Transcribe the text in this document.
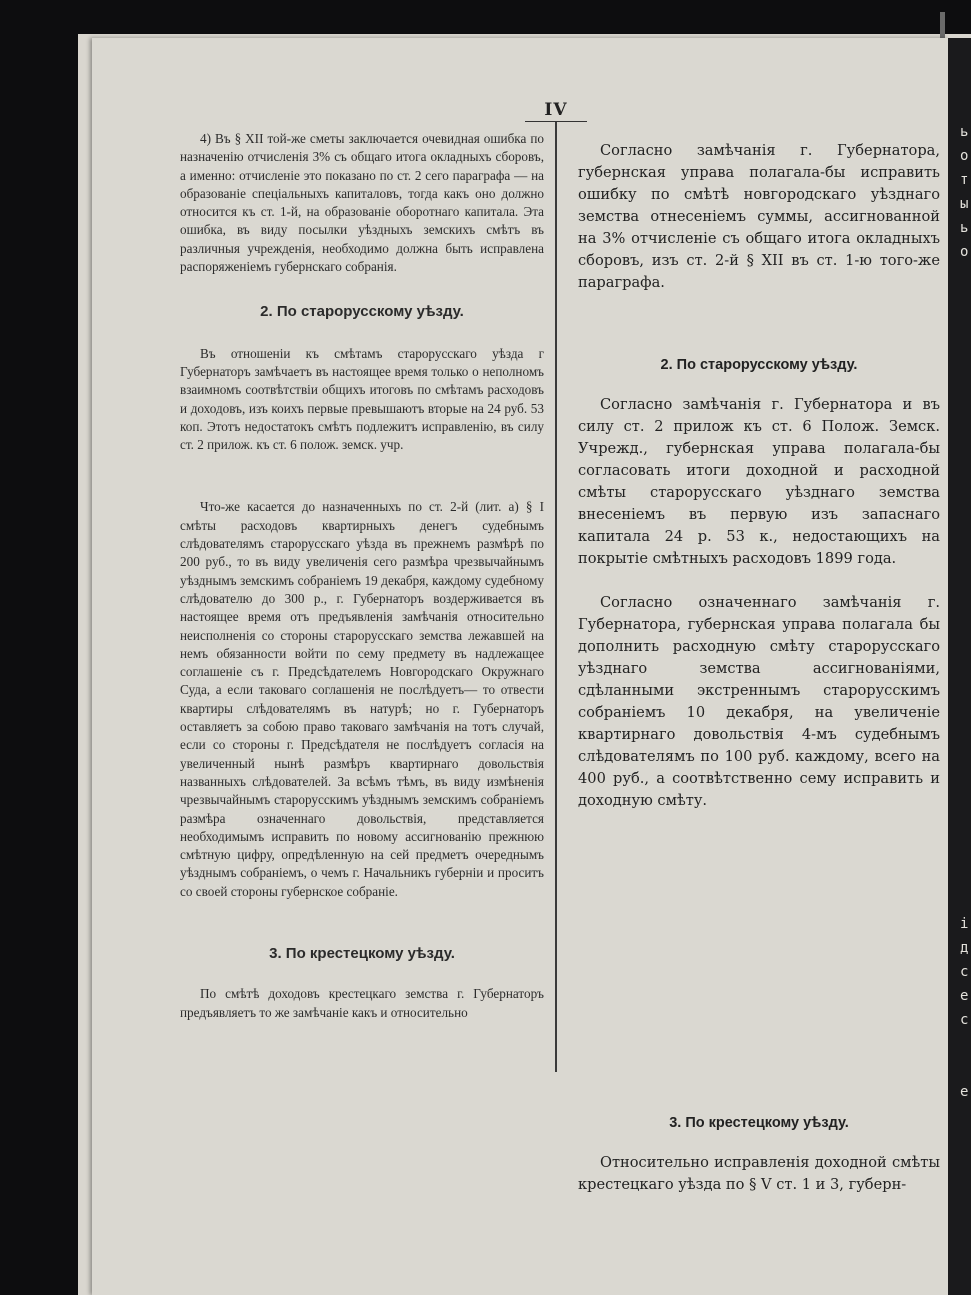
ь
о
т
ы
ь
о

і
д
с
е
с

е
IV

4) Въ § XII той-же сметы заключается очевидная ошибка по назначенію отчисленія 3% съ общаго итога окладныхъ сборовъ, а именно: отчисленіе это показано по ст. 2 сего параграфа — на образованіе спеціальныхъ капиталовъ, тогда какъ оно должно относится къ ст. 1-й, на образованіе оборотнаго капитала. Эта ошибка, въ виду посылки уѣздныхъ земскихъ смѣтъ въ различныя учрежденія, необходимо должна быть исправлена распоряженіемъ губернскаго собранія.

2. По старорусскому уѣзду.

Въ отношеніи къ смѣтамъ старорусскаго уѣзда г Губернаторъ замѣчаетъ въ настоящее время только о неполномъ взаимномъ соотвѣтствіи общихъ итоговъ по смѣтамъ расходовъ и доходовъ, изъ коихъ первые превышаютъ вторые на 24 руб. 53 коп. Этотъ недостатокъ смѣтъ подлежитъ исправленію, въ силу ст. 2 прилож. къ ст. 6 полож. земск. учр.

Что-же касается до назначенныхъ по ст. 2-й (лит. а) § I смѣты расходовъ квартирныхъ денегъ судебнымъ слѣдователямъ старорусскаго уѣзда въ прежнемъ размѣрѣ по 200 руб., то въ виду увеличенія сего размѣра чрезвычайнымъ уѣзднымъ земскимъ собраніемъ 19 декабря, каждому судебному слѣдователю до 300 р., г. Губернаторъ воздерживается въ настоящее время отъ предъявленія замѣчанія относительно неисполненія со стороны старорусскаго земства лежавшей на немъ обязанности войти по сему предмету въ надлежащее соглашеніе съ г. Предсѣдателемъ Новгородскаго Окружнаго Суда, а если таковаго соглашенія не послѣдуетъ— то отвести квартиры слѣдователямъ въ натурѣ; но г. Губернаторъ оставляетъ за собою право таковаго замѣчанія на тотъ случай, если со стороны г. Предсѣдателя не послѣдуетъ согласія на увеличенный нынѣ размѣръ квартирнаго довольствія названныхъ слѣдователей. За всѣмъ тѣмъ, въ виду измѣненія чрезвычайнымъ старорусскимъ уѣзднымъ земскимъ собраніемъ размѣра означеннаго довольствія, представляется необходимымъ исправить по новому ассигнованію прежнюю смѣтную цифру, опредѣленную на сей предметъ очереднымъ уѣзднымъ собраніемъ, о чемъ г. Начальникъ губерніи и проситъ со своей стороны губернское собраніе.

3. По крестецкому уѣзду.

По смѣтѣ доходовъ крестецкаго земства г. Губернаторъ предъявляетъ то же замѣчаніе какъ и относительно

Согласно замѣчанія г. Губернатора, губернская управа полагала-бы исправить ошибку по смѣтѣ новгородскаго уѣзднаго земства отнесеніемъ суммы, ассигнованной на 3% отчисленіе съ общаго итога окладныхъ сборовъ, изъ ст. 2-й § XII въ ст. 1-ю того-же параграфа.

2. По старорусскому уѣзду.

Согласно замѣчанія г. Губернатора и въ силу ст. 2 прилож къ ст. 6 Полож. Земск. Учрежд., губернская управа полагала-бы согласовать итоги доходной и расходной смѣты старорусскаго уѣзднаго земства внесеніемъ въ первую изъ запаснаго капитала 24 р. 53 к., недостающихъ на покрытіе смѣтныхъ расходовъ 1899 года.

Согласно означеннаго замѣчанія г. Губернатора, губернская управа полагала бы дополнить расходную смѣту старорусскаго уѣзднаго земства ассигнованіями, сдѣланными экстреннымъ старорусскимъ собраніемъ 10 декабря, на увеличеніе квартирнаго довольствія 4-мъ судебнымъ слѣдователямъ по 100 руб. каждому, всего на 400 руб., а соотвѣтственно сему исправить и доходную смѣту.

3. По крестецкому уѣзду.

Относительно исправленія доходной смѣты крестецкаго уѣзда по § V ст. 1 и 3, губерн-
